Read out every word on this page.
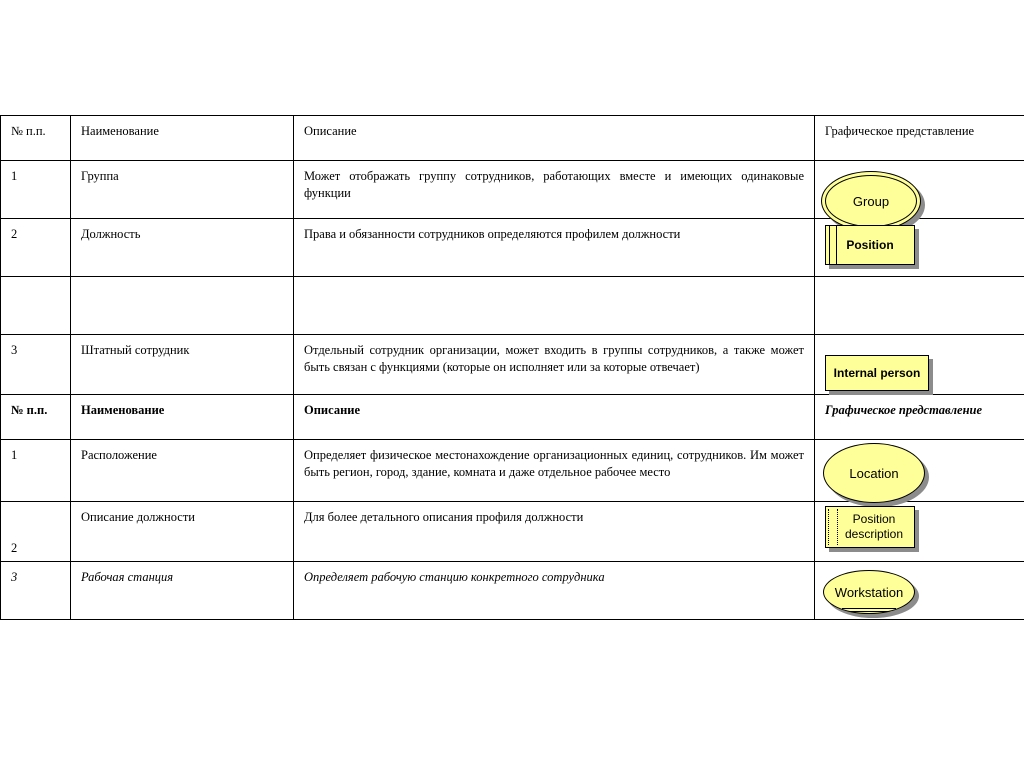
№ п.п.	Наименование	Описание	Графическое представление
1	Группа	Может отображать группу сотрудников, работающих вместе и имеющих одинаковые функции	Group

2	Должность	Права и обязанности сотрудников определяются профилем должности	Position

3	Штатный сотрудник	Отдельный сотрудник организации, может входить в группы сотрудников, а также может быть связан с функциями (которые он исполняет или за которые отвечает)	Internal person

№ п.п.	Наименование	Описание	Графическое представление
1	Расположение	Определяет физическое местонахождение организационных единиц, сотрудников. Им может быть регион, город, здание, комната и даже отдельное рабочее место	Location

2	Описание должности	Для более детального описания профиля должности	Position description

3	Рабочая станция	Определяет рабочую станцию конкретного сотрудника	Workstation
